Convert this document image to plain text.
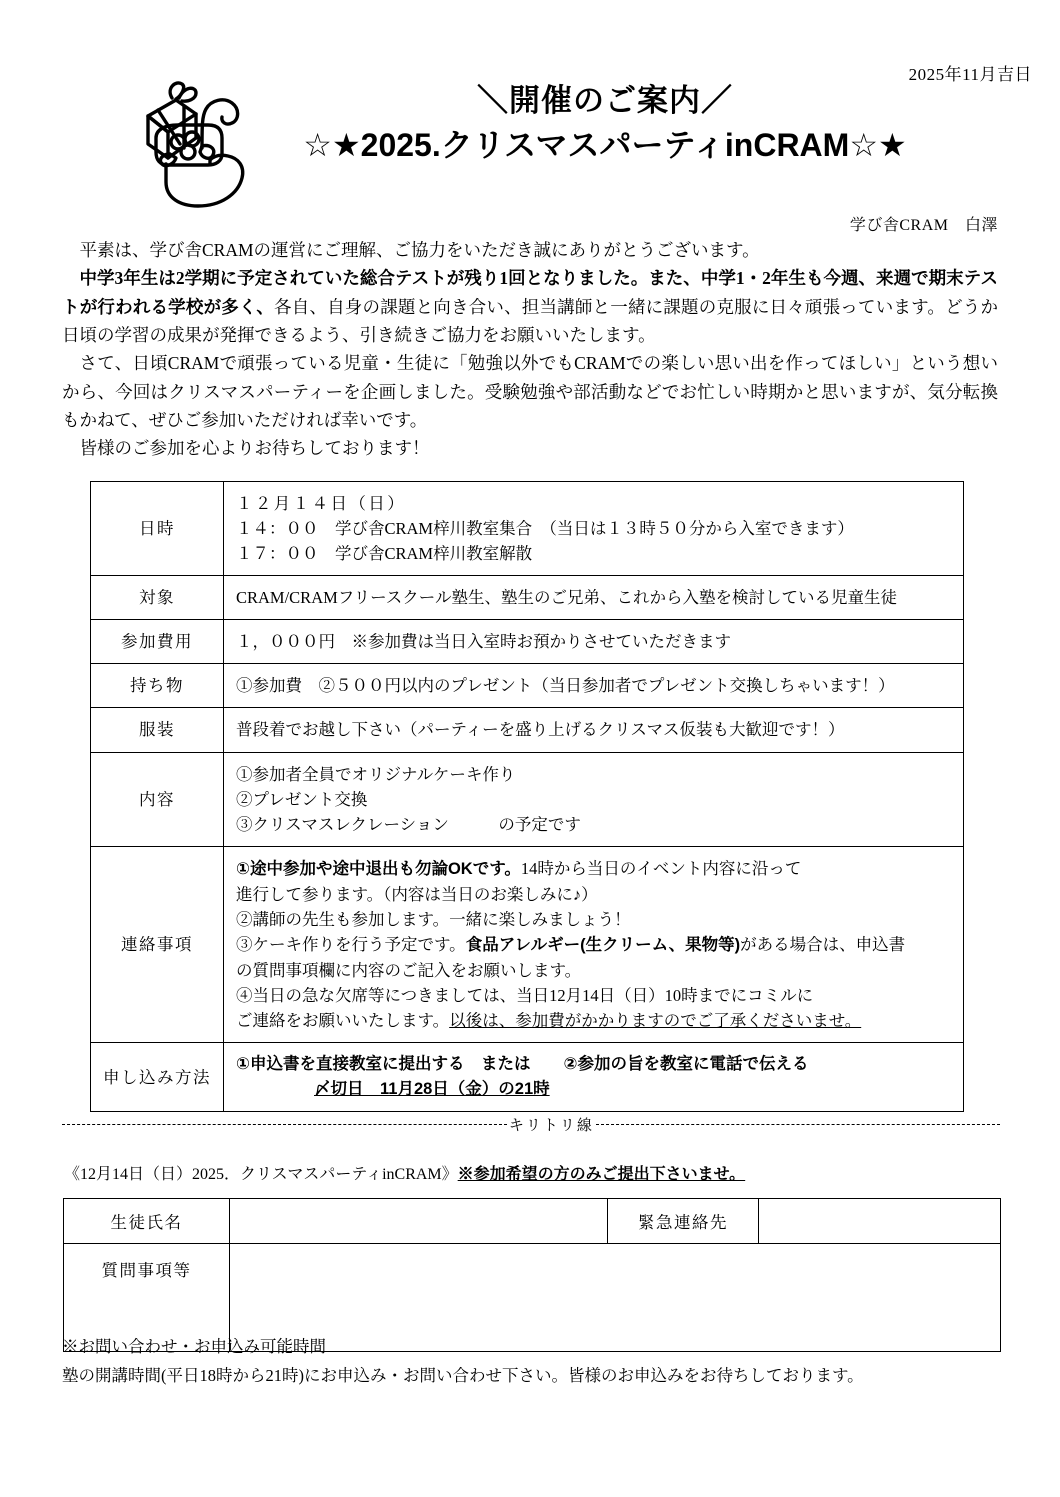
2025年11月吉日
＼開催のご案内／
☆★2025.クリスマスパーティinCRAM☆★
学び舎CRAM　白澤

平素は、学び舎CRAMの運営にご理解、ご協力をいただき誠にありがとうございます。

中学3年生は2学期に予定されていた総合テストが残り1回となりました。また、中学1・2年生も今週、来週で期末テストが行われる学校が多く、各自、自身の課題と向き合い、担当講師と一緒に課題の克服に日々頑張っています。どうか日頃の学習の成果が発揮できるよう、引き続きご協力をお願いいたします。

さて、日頃CRAMで頑張っている児童・生徒に「勉強以外でもCRAMでの楽しい思い出を作ってほしい」という想いから、今回はクリスマスパーティーを企画しました。受験勉強や部活動などでお忙しい時期かと思いますが、気分転換もかねて、ぜひご参加いただければ幸いです。

皆様のご参加を心よりお待ちしております！

日時	１２月１４日（日）
１４：００　学び舎CRAM梓川教室集合　（当日は１３時５０分から入室できます）
１７：００　学び舎CRAM梓川教室解散

対象	CRAM/CRAMフリースクール塾生、塾生のご兄弟、これから入塾を検討している児童生徒

参加費用	１，０００円　※参加費は当日入室時お預かりさせていただきます

持ち物	①参加費　②５００円以内のプレゼント（当日参加者でプレゼント交換しちゃいます！）

服装	普段着でお越し下さい（パーティーを盛り上げるクリスマス仮装も大歓迎です！）

内容	①参加者全員でオリジナルケーキ作り
②プレゼント交換
③クリスマスレクレーション　　　の予定です

連絡事項	
①途中参加や途中退出も勿論OKです。14時から当日のイベント内容に沿って
進行して参ります。（内容は当日のお楽しみに♪）
②講師の先生も参加します。一緒に楽しみましょう！
③ケーキ作りを行う予定です。食品アレルギー(生クリーム、果物等)がある場合は、申込書
の質問事項欄に内容のご記入をお願いします。
④当日の急な欠席等につきましては、当日12月14日（日）10時までにコミルに
ご連絡をお願いいたします。以後は、参加費がかかりますのでご了承くださいませ。

申し込み方法	①申込書を直接教室に提出する　または　　②参加の旨を教室に電話で伝える
〆切日　11月28日（金）の21時
キリトリ線
《12月14日（日）2025．クリスマスパーティinCRAM》※参加希望の方のみご提出下さいませ。
生徒氏名		緊急連絡先	
質問事項等			
※お問い合わせ・お申込み可能時間
塾の開講時間(平日18時から21時)にお申込み・お問い合わせ下さい。皆様のお申込みをお待ちしております。
